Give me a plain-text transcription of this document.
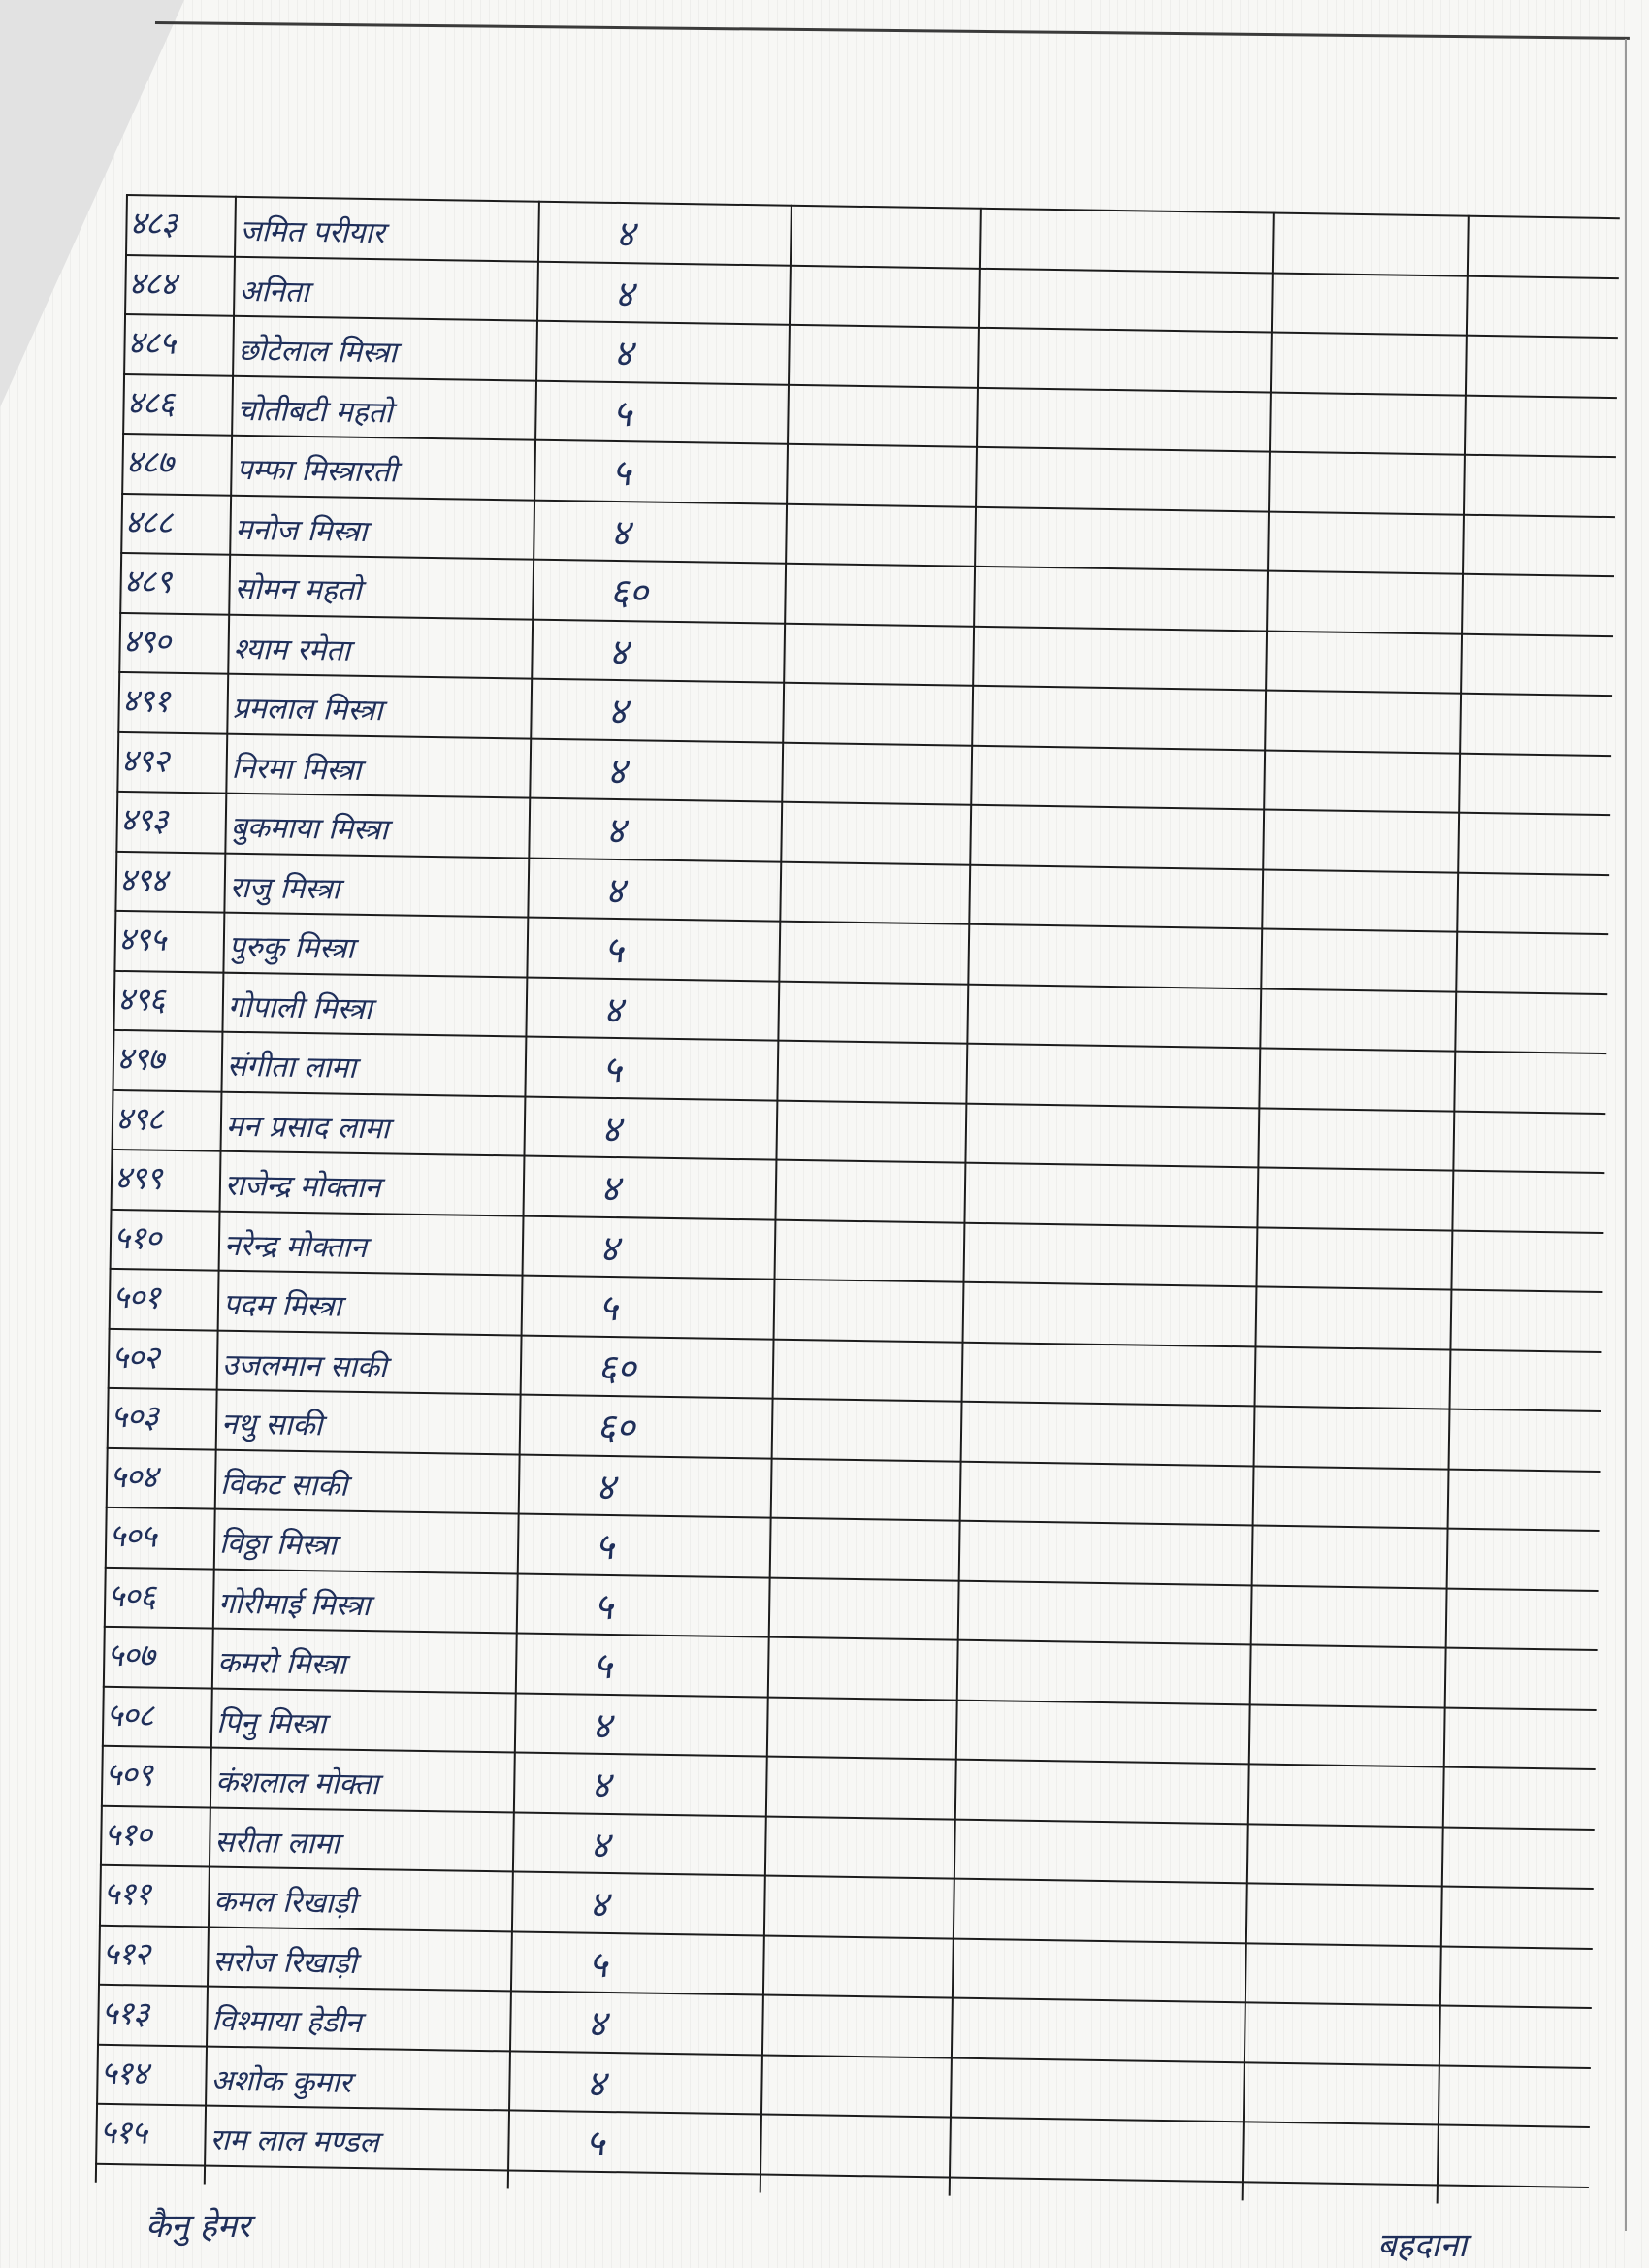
४८३	जमित परीयार	४
४८४	अनिता	४
४८५	छोटेलाल मिस्त्रा	४
४८६	चोतीबटी महतो	५
४८७	पम्फा मिस्त्रारती	५
४८८	मनोज मिस्त्रा	४
४८९	सोमन महतो	६०
४९०	श्याम रमेता	४
४९१	प्रमलाल मिस्त्रा	४
४९२	निरमा मिस्त्रा	४
४९३	बुकमाया मिस्त्रा	४
४९४	राजु मिस्त्रा	४
४९५	पुरुकु मिस्त्रा	५
४९६	गोपाली मिस्त्रा	४
४९७	संगीता लामा	५
४९८	मन प्रसाद लामा	४
४९९	राजेन्द्र मोक्तान	४
५१०	नरेन्द्र मोक्तान	४
५०१	पदम मिस्त्रा	५
५०२	उजलमान साकी	६०
५०३	नथु साकी	६०
५०४	विकट साकी	४
५०५	विठ्ठा मिस्त्रा	५
५०६	गोरीमाई मिस्त्रा	५
५०७	कमरो मिस्त्रा	५
५०८	पिनु मिस्त्रा	४
५०९	कंशलाल मोक्ता	४
५१०	सरीता लामा	४
५११	कमल रिखाड़ी	४
५१२	सरोज रिखाड़ी	५
५१३	विश्माया हेडीन	४
५१४	अशोक कुमार	४
५१५	राम लाल मण्डल	५
कैनु हेमर	बहदाना
